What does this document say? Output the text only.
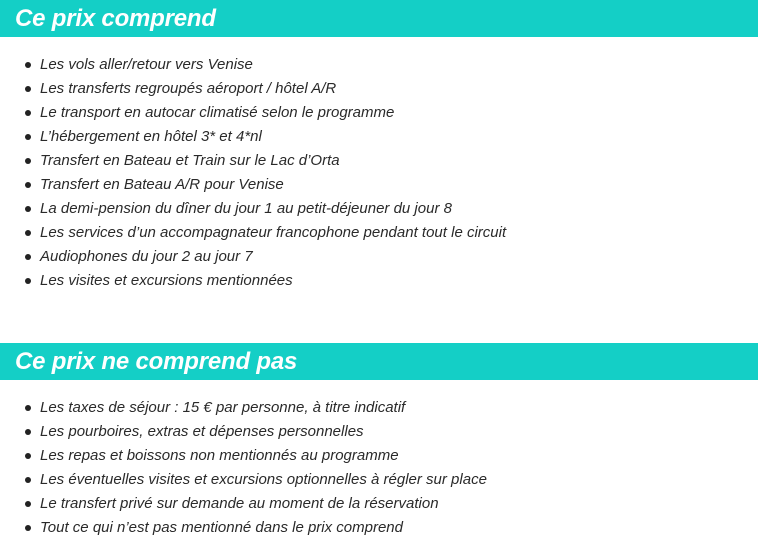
Ce prix comprend
Les vols aller/retour vers Venise
Les transferts regroupés aéroport / hôtel A/R
Le transport en autocar climatisé selon le programme
L’hébergement en hôtel 3* et 4*nl
Transfert en Bateau et Train sur le Lac d’Orta
Transfert en Bateau A/R pour Venise
La demi-pension du dîner du jour 1 au petit-déjeuner du jour 8
Les services d’un accompagnateur francophone pendant tout le circuit
Audiophones du jour 2 au jour 7
Les visites et excursions mentionnées
Ce prix ne comprend pas
Les taxes de séjour : 15 € par personne, à titre indicatif
Les pourboires, extras et dépenses personnelles
Les repas et boissons non mentionnés au programme
Les éventuelles visites et excursions optionnelles à régler sur place
Le transfert privé sur demande au moment de la réservation
Tout ce qui n’est pas mentionné dans le prix comprend
